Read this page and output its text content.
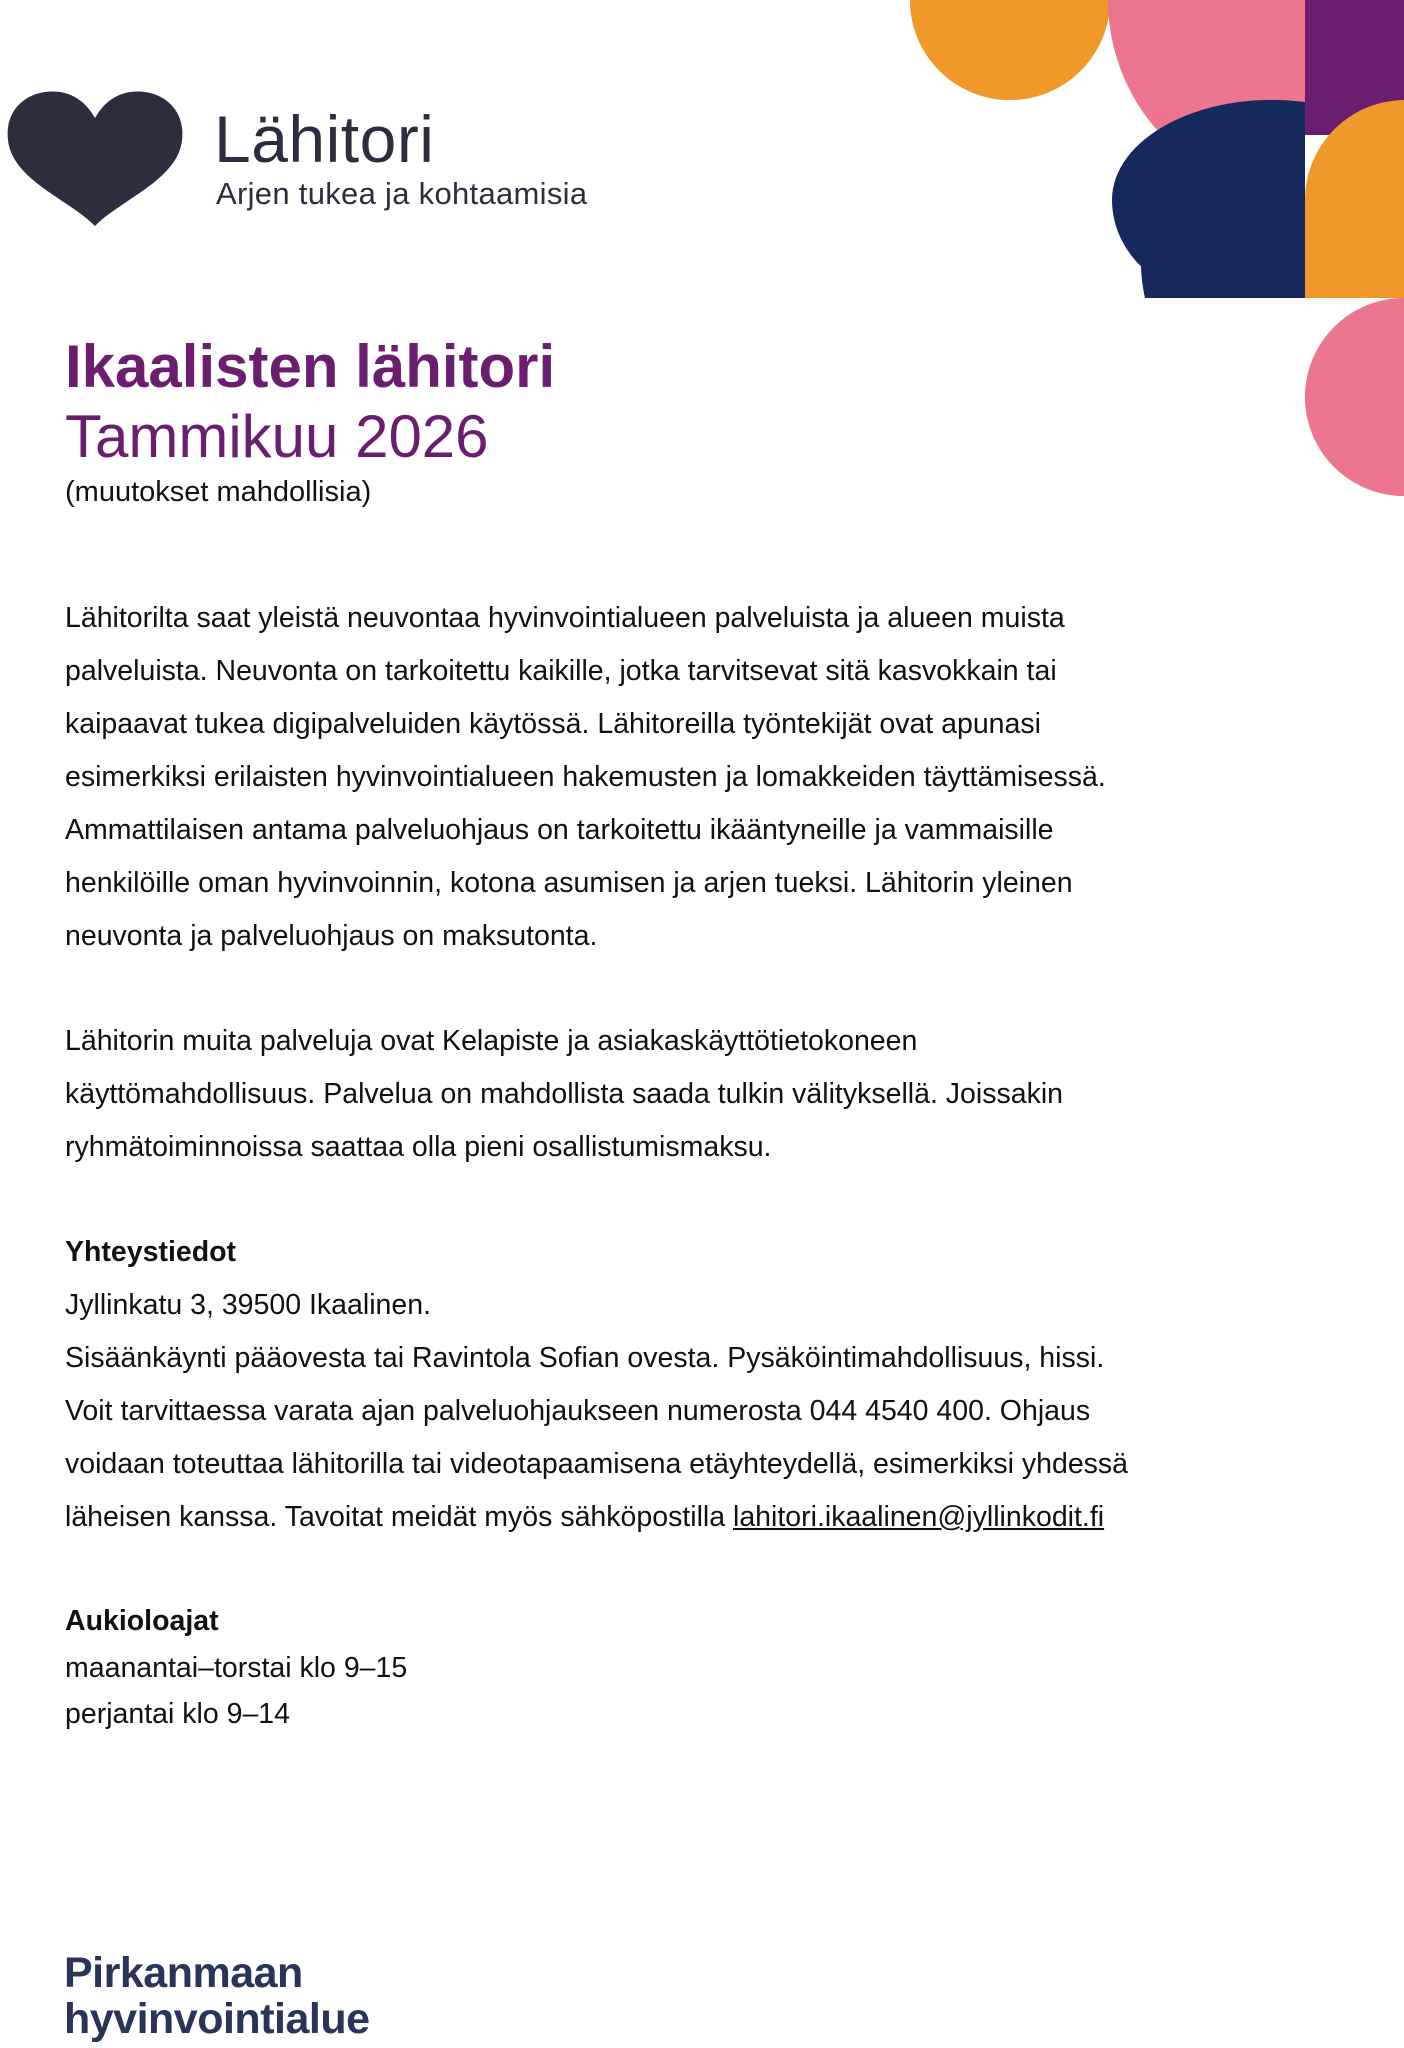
Lähitori
Arjen tukea ja kohtaamisia
Ikaalisten lähitori
Tammikuu 2026
(muutokset mahdollisia)

Lähitorilta saat yleistä neuvontaa hyvinvointialueen palveluista ja alueen muista

palveluista. Neuvonta on tarkoitettu kaikille, jotka tarvitsevat sitä kasvokkain tai

kaipaavat tukea digipalveluiden käytössä. Lähitoreilla työntekijät ovat apunasi

esimerkiksi erilaisten hyvinvointialueen hakemusten ja lomakkeiden täyttämisessä.

Ammattilaisen antama palveluohjaus on tarkoitettu ikääntyneille ja vammaisille

henkilöille oman hyvinvoinnin, kotona asumisen ja arjen tueksi. Lähitorin yleinen

neuvonta ja palveluohjaus on maksutonta.

Lähitorin muita palveluja ovat Kelapiste ja asiakaskäyttötietokoneen

käyttömahdollisuus. Palvelua on mahdollista saada tulkin välityksellä. Joissakin

ryhmätoiminnoissa saattaa olla pieni osallistumismaksu.

Yhteystiedot

Jyllinkatu 3, 39500 Ikaalinen.

Sisäänkäynti pääovesta tai Ravintola Sofian ovesta. Pysäköintimahdollisuus, hissi.

Voit tarvittaessa varata ajan palveluohjaukseen numerosta 044 4540 400. Ohjaus

voidaan toteuttaa lähitorilla tai videotapaamisena etäyhteydellä, esimerkiksi yhdessä

läheisen kanssa. Tavoitat meidät myös sähköpostilla lahitori.ikaalinen@jyllinkodit.fi

Aukioloajat

maanantai–torstai klo 9–15

perjantai klo 9–14

Pirkanmaan
hyvinvointialue
